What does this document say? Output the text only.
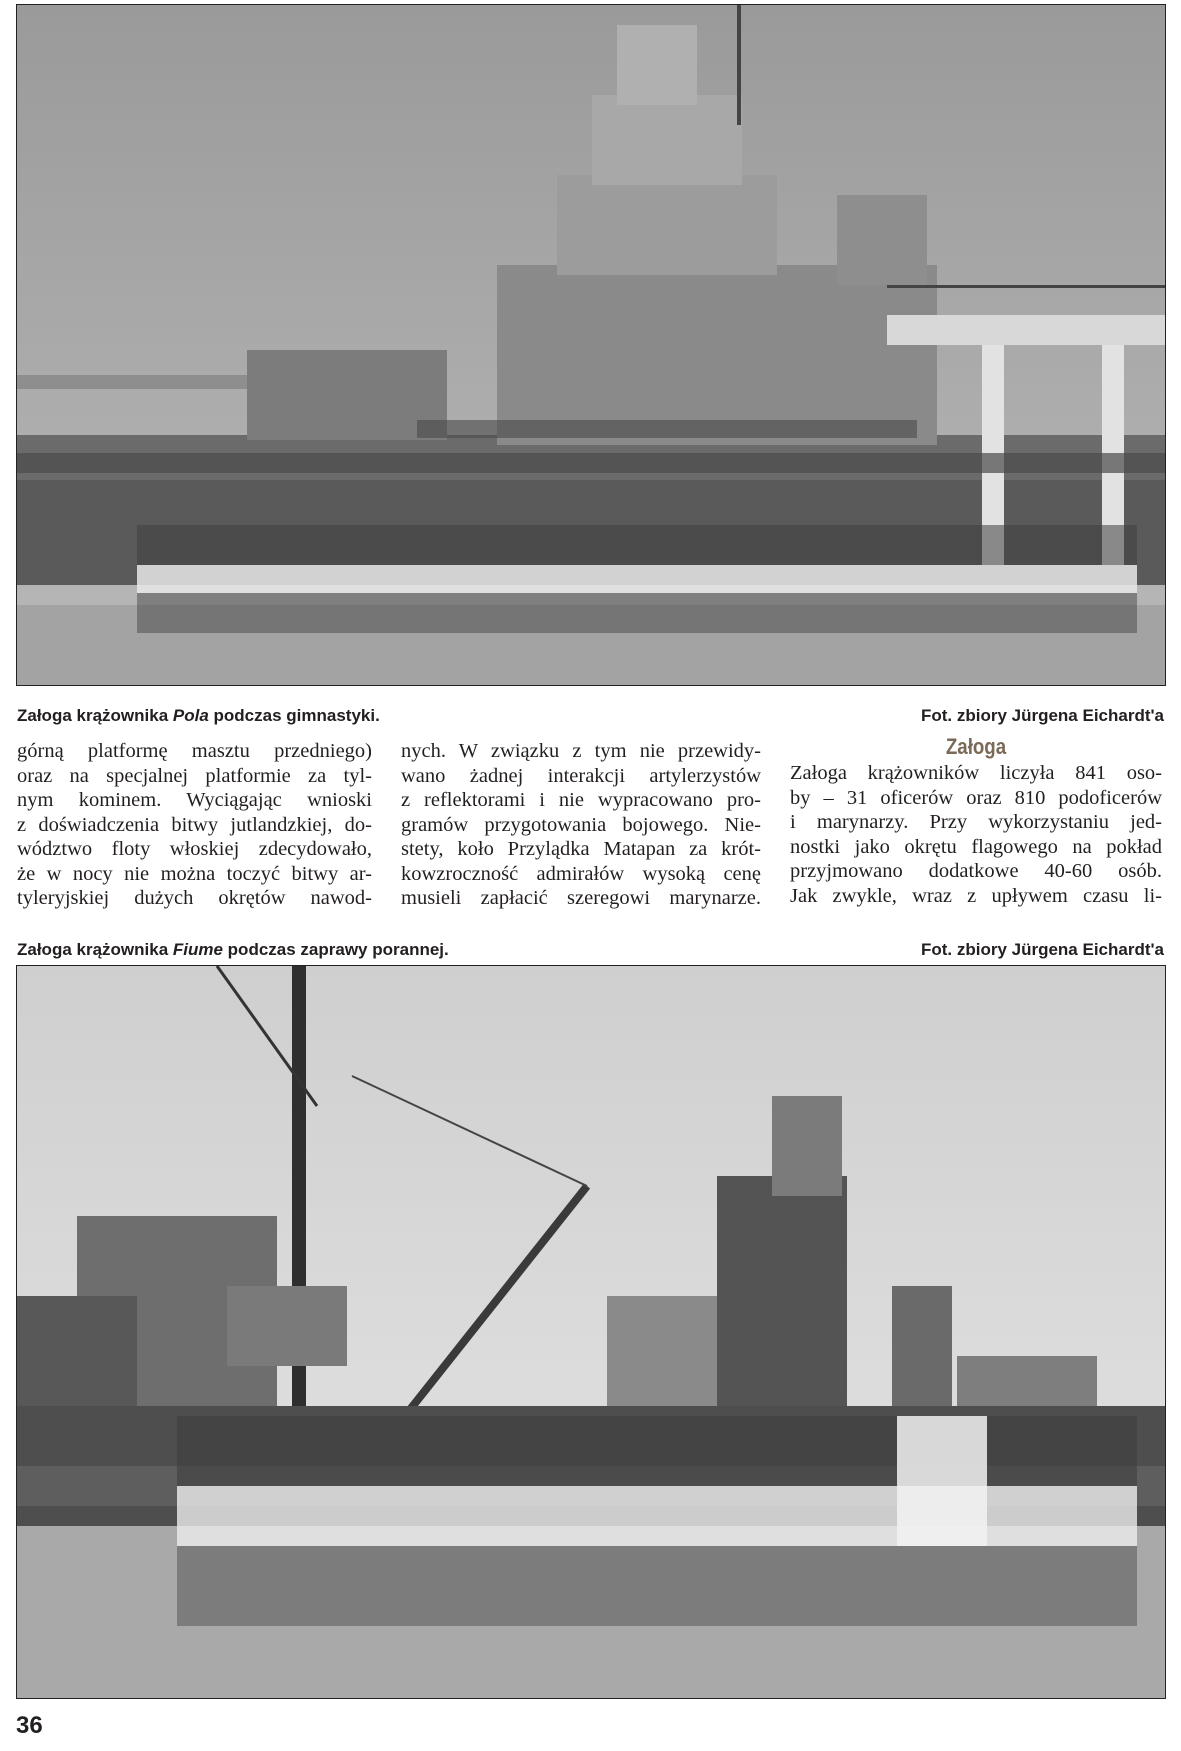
Załoga krążownika Pola podczas gimnastyki.	Fot. zbiory Jürgena Eichardt'a
górną platformę masztu przedniego)
oraz na specjalnej platformie za tyl-
nym kominem. Wyciągając wnioski
z doświadczenia bitwy jutlandzkiej, do-
wództwo floty włoskiej zdecydowało,
że w nocy nie można toczyć bitwy ar-
tyleryjskiej dużych okrętów nawod-
nych. W związku z tym nie przewidy-
wano żadnej interakcji artylerzystów
z reflektorami i nie wypracowano pro-
gramów przygotowania bojowego. Nie-
stety, koło Przylądka Matapan za krót-
kowzroczność admirałów wysoką cenę
musieli zapłacić szeregowi marynarze.
Załoga
Załoga krążowników liczyła 841 oso-
by – 31 oficerów oraz 810 podoficerów
i marynarzy. Przy wykorzystaniu jed-
nostki jako okrętu flagowego na pokład
przyjmowano dodatkowe 40-60 osób.
Jak zwykle, wraz z upływem czasu li-
Załoga krążownika Fiume podczas zaprawy porannej.	Fot. zbiory Jürgena Eichardt'a
36
